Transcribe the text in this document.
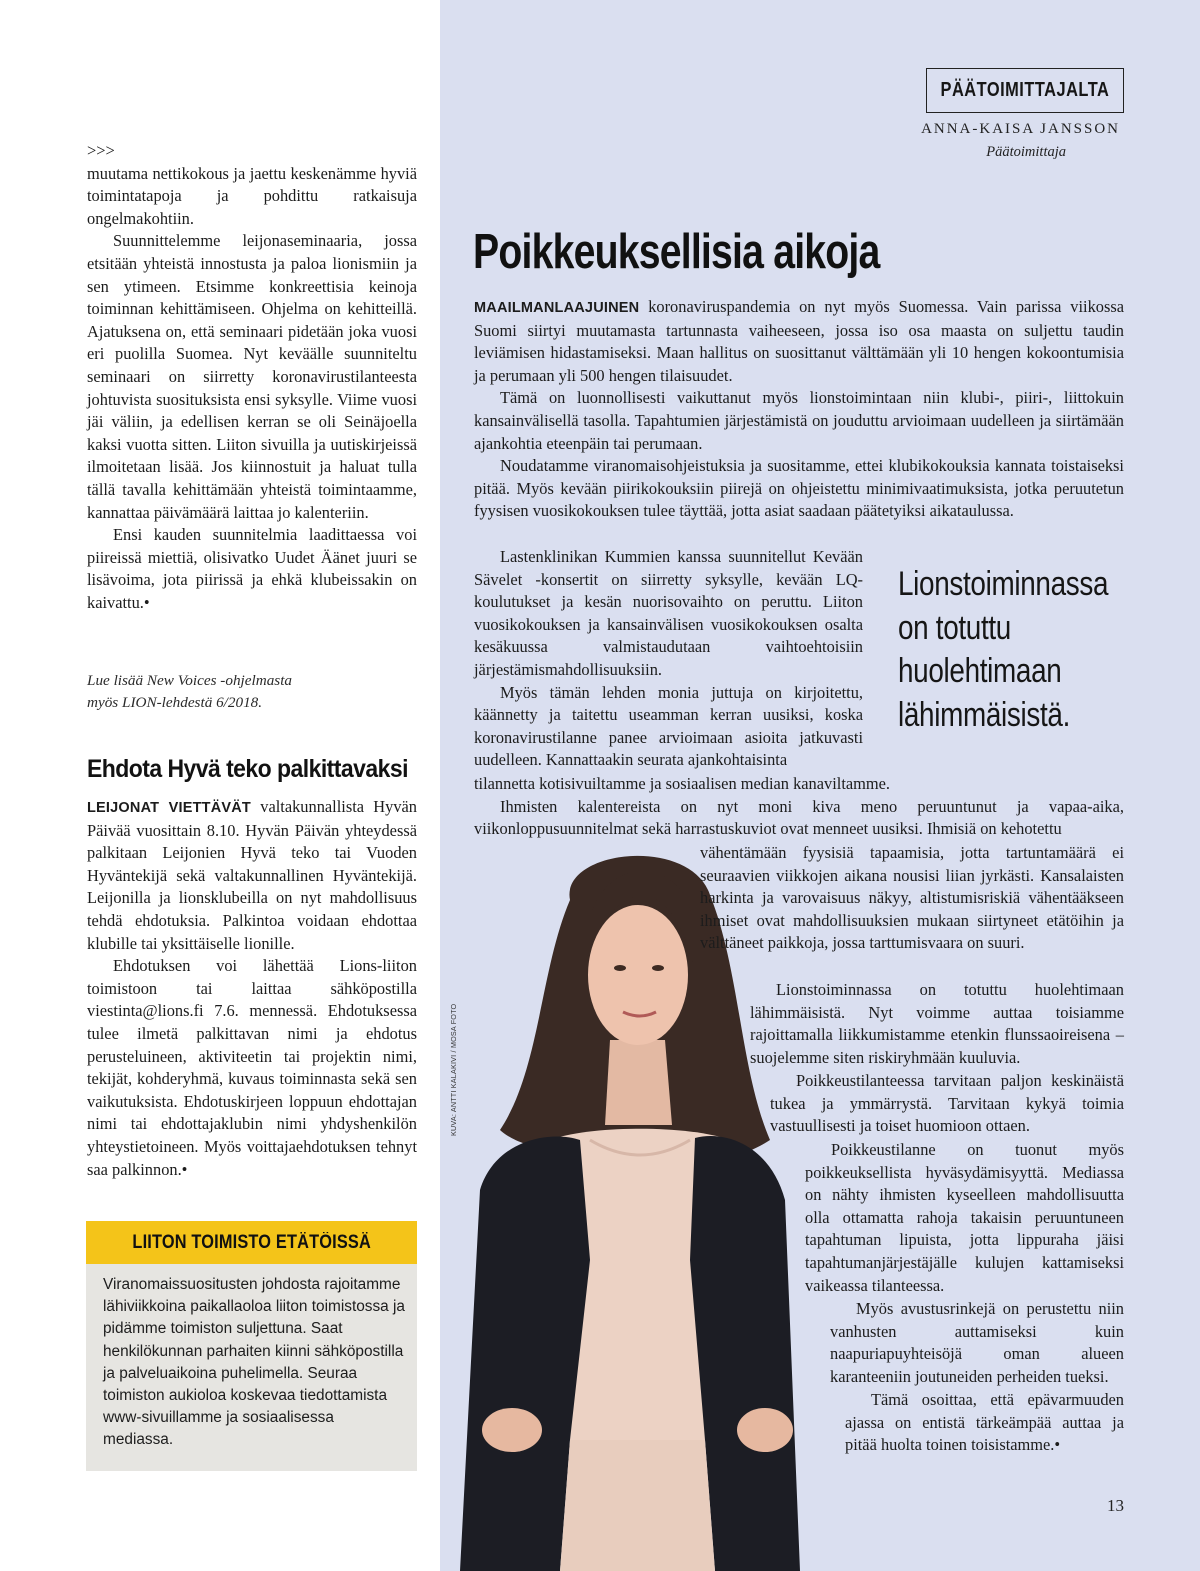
>>>

muutama nettikokous ja jaettu keskenämme hyviä toimintatapoja ja pohdittu ratkaisuja ongelmakohtiin.

Suunnittelemme leijonaseminaaria, jossa etsitään yhteistä innostusta ja paloa lionismiin ja sen ytimeen. Etsimme konkreettisia keinoja toiminnan kehittämiseen. Ohjelma on kehitteillä. Ajatuksena on, että seminaari pidetään joka vuosi eri puolilla Suomea. Nyt keväälle suunniteltu seminaari on siirretty koronavirustilanteesta johtuvista suosituksista ensi syksylle. Viime vuosi jäi väliin, ja edellisen kerran se oli Seinäjoella kaksi vuotta sitten. Liiton sivuilla ja uutiskirjeissä ilmoitetaan lisää. Jos kiinnostuit ja haluat tulla tällä tavalla kehittämään yhteistä toimintaamme, kannattaa päivämäärä laittaa jo kalenteriin.

Ensi kauden suunnitelmia laadittaessa voi piireissä miettiä, olisivatko Uudet Äänet juuri se lisävoima, jota piirissä ja ehkä klubeissakin on kaivattu.•

Lue lisää New Voices -ohjelmasta
myös LION-lehdestä 6/2018.
Ehdota Hyvä teko palkittavaksi

LEIJONAT VIETTÄVÄT valtakunnallista Hyvän Päivää vuosittain 8.10. Hyvän Päivän yhteydessä palkitaan Leijonien Hyvä teko tai Vuoden Hyväntekijä sekä valtakunnallinen Hyväntekijä. Leijonilla ja lionsklubeilla on nyt mahdollisuus tehdä ehdotuksia. Palkintoa voidaan ehdottaa klubille tai yksittäiselle lionille.

Ehdotuksen voi lähettää Lions-liiton toimistoon tai laittaa sähköpostilla viestinta@lions.fi 7.6. mennessä. Ehdotuksessa tulee ilmetä palkittavan nimi ja ehdotus perusteluineen, aktiviteetin tai projektin nimi, tekijät, kohderyhmä, kuvaus toiminnasta sekä sen vaikutuksista. Ehdotuskirjeen loppuun ehdottajan nimi tai ehdottajaklubin nimi yhdyshenkilön yhteystietoineen. Myös voittajaehdotuksen tehnyt saa palkinnon.•

LIITON TOIMISTO ETÄTÖISSÄ
Viranomaissuositusten johdosta rajoitamme lähiviikkoina paikallaoloa liiton toimistossa ja pidämme toimiston suljettuna. Saat henkilökunnan parhaiten kiinni sähköpostilla ja palveluaikoina puhelimella. Seuraa toimiston aukioloa koskevaa tiedottamista www-sivuillamme ja sosiaalisessa mediassa.
PÄÄTOIMITTAJALTA
ANNA-KAISA JANSSON
Päätoimittaja
KUVA: ANTTI KALAKIVI / MOSA FOTO
Poikkeuksellisia aikoja

MAAILMANLAAJUINEN koronaviruspandemia on nyt myös Suomessa. Vain parissa viikossa Suomi siirtyi muutamasta tartunnasta vaiheeseen, jossa iso osa maasta on suljettu taudin leviämisen hidastamiseksi. Maan hallitus on suosittanut välttämään yli 10 hengen kokoontumisia ja perumaan yli 500 hengen tilaisuudet.

Tämä on luonnollisesti vaikuttanut myös lionstoimintaan niin klubi-, piiri-, liittokuin kansainvälisellä tasolla. Tapahtumien järjestämistä on jouduttu arvioimaan uudelleen ja siirtämään ajankohtia eteenpäin tai perumaan.

Noudatamme viranomaisohjeistuksia ja suositamme, ettei klubikokouksia kannata toistaiseksi pitää. Myös kevään piirikokouksiin piirejä on ohjeistettu minimivaatimuksista, jotka peruutetun fyysisen vuosikokouksen tulee täyttää, jotta asiat saadaan päätetyiksi aikataulussa.

Lastenklinikan Kummien kanssa suunnitellut Kevään Sävelet -konsertit on siirretty syksylle, kevään LQ-koulutukset ja kesän nuorisovaihto on peruttu. Liiton vuosikokouksen ja kansainvälisen vuosikokouksen osalta kesäkuussa valmistaudutaan vaihtoehtoisiin järjestämismahdollisuuksiin.

Myös tämän lehden monia juttuja on kirjoitettu, käännetty ja taitettu useamman kerran uusiksi, koska koronavirustilanne panee arvioimaan asioita jatkuvasti uudelleen. Kannattaakin seurata ajankohtaisinta

Lionstoiminnassa
on totuttu
huolehtimaan
lähimmäisistä.

tilannetta kotisivuiltamme ja sosiaalisen median kanaviltamme.

Ihmisten kalentereista on nyt moni kiva meno peruuntunut ja vapaa-aika, viikonloppusuunnitelmat sekä harrastuskuviot ovat menneet uusiksi. Ihmisiä on kehotettu

vähentämään fyysisiä tapaamisia, jotta tartuntamäärä ei seuraavien viikkojen aikana nousisi liian jyrkästi. Kansalaisten harkinta ja varovaisuus näkyy, altistumisriskiä vähentääkseen ihmiset ovat mahdollisuuksien mukaan siirtyneet etätöihin ja välttäneet paikkoja, jossa tarttumisvaara on suuri.

Lionstoiminnassa on totuttu huolehtimaan lähimmäisistä. Nyt voimme auttaa toisiamme rajoittamalla liikkumistamme etenkin flunssaoireisena – suojelemme siten riskiryhmään kuuluvia.

Poikkeustilanteessa tarvitaan paljon keskinäistä tukea ja ymmärrystä. Tarvitaan kykyä toimia vastuullisesti ja toiset huomioon ottaen.

Poikkeustilanne on tuonut myös poikkeuksellista hyväsydämisyyttä. Mediassa on nähty ihmisten kyseelleen mahdollisuutta olla ottamatta rahoja takaisin peruuntuneen tapahtuman lipuista, jotta lippuraha jäisi tapahtumanjärjestäjälle kulujen kattamiseksi vaikeassa tilanteessa.

Myös avustusrinkejä on perustettu niin vanhusten auttamiseksi kuin naapuriapuyhteisöjä oman alueen karanteeniin joutuneiden perheiden tueksi.

Tämä osoittaa, että epävarmuuden ajassa on entistä tärkeämpää auttaa ja pitää huolta toinen toisistamme.•

13
